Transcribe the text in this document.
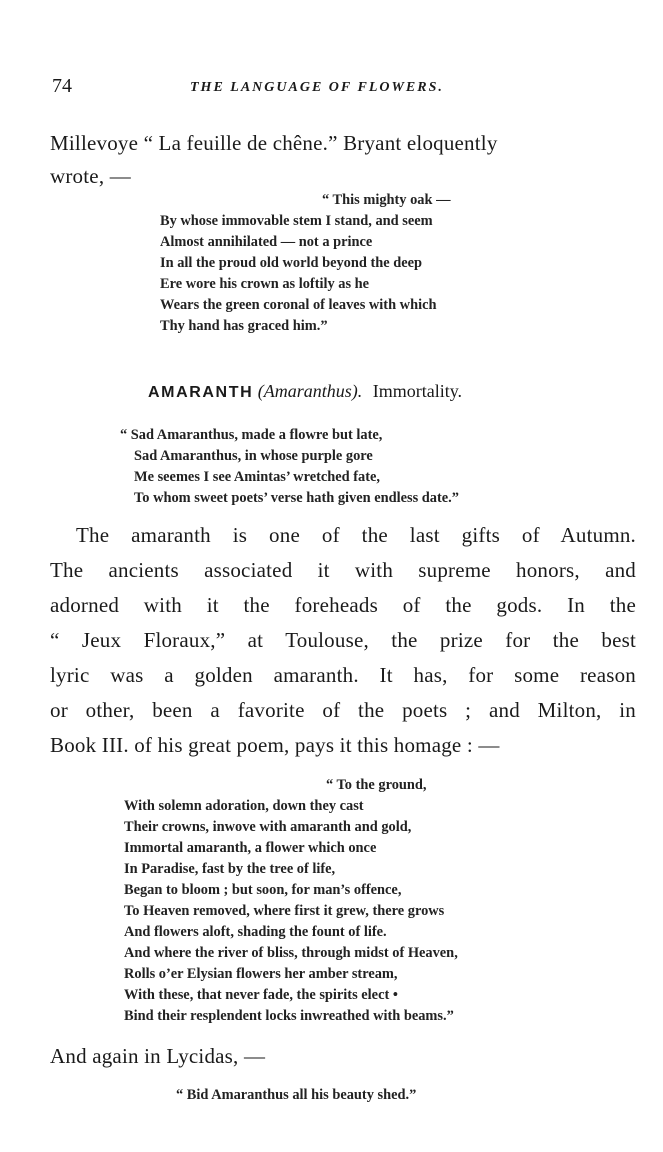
74	THE LANGUAGE OF FLOWERS.
Millevoye “ La feuille de chêne.” Bryant eloquently
wrote, —
“ This mighty oak —
By whose immovable stem I stand, and seem
Almost annihilated — not a prince
In all the proud old world beyond the deep
Ere wore his crown as loftily as he
Wears the green coronal of leaves with which
Thy hand has graced him.”
AMARANTH (Amaranthus). Immortality.
“ Sad Amaranthus, made a flowre but late,
Sad Amaranthus, in whose purple gore
Me seemes I see Amintas’ wretched fate,
To whom sweet poets’ verse hath given endless date.”
The amaranth is one of the last gifts of Autumn.
The ancients associated it with supreme honors, and
adorned with it the foreheads of the gods. In the
“ Jeux Floraux,” at Toulouse, the prize for the best
lyric was a golden amaranth. It has, for some reason
or other, been a favorite of the poets ; and Milton, in
Book III. of his great poem, pays it this homage : —
“ To the ground,
With solemn adoration, down they cast
Their crowns, inwove with amaranth and gold,
Immortal amaranth, a flower which once
In Paradise, fast by the tree of life,
Began to bloom ; but soon, for man’s offence,
To Heaven removed, where first it grew, there grows
And flowers aloft, shading the fount of life.
And where the river of bliss, through midst of Heaven,
Rolls o’er Elysian flowers her amber stream,
With these, that never fade, the spirits elect •
Bind their resplendent locks inwreathed with beams.”
And again in Lycidas, —
“ Bid Amaranthus all his beauty shed.”
